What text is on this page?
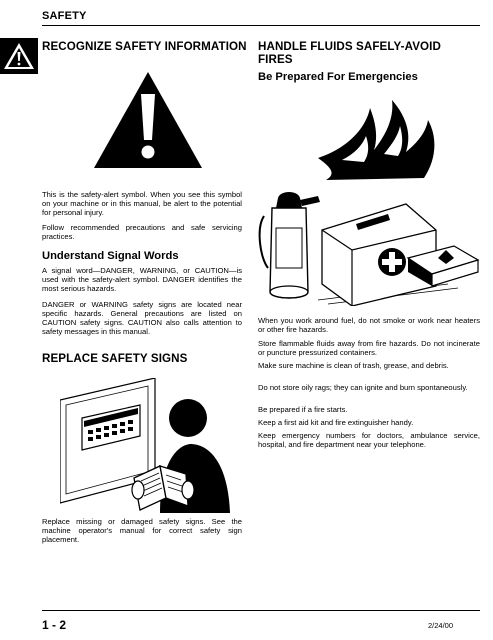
SAFETY
RECOGNIZE SAFETY INFORMATION

This is the safety-alert symbol. When you see this symbol on your machine or in this manual, be alert to the potential for personal injury.

Follow recommended precautions and safe servicing practices.

Understand Signal Words

A signal word—DANGER, WARNING, or CAUTION—is used with the safety-alert symbol. DANGER identifies the most serious hazards.

DANGER or WARNING safety signs are located near specific hazards. General precautions are listed on CAUTION safety signs. CAUTION also calls attention to safety messages in this manual.

REPLACE SAFETY SIGNS

Replace missing or damaged safety signs. See the machine operator's manual for correct safety sign placement.

HANDLE FLUIDS SAFELY-AVOID
FIRES
Be Prepared For Emergencies

When you work around fuel, do not smoke or work near heaters or other fire hazards.

Store flammable fluids away from fire hazards. Do not incinerate or puncture pressurized containers.

Make sure machine is clean of trash, grease, and debris.

Do not store oily rags; they can ignite and burn spontaneously.

Be prepared if a fire starts.

Keep a first aid kit and fire extinguisher handy.

Keep emergency numbers for doctors, ambulance service, hospital, and fire department near your telephone.

1 - 2	2/24/00
